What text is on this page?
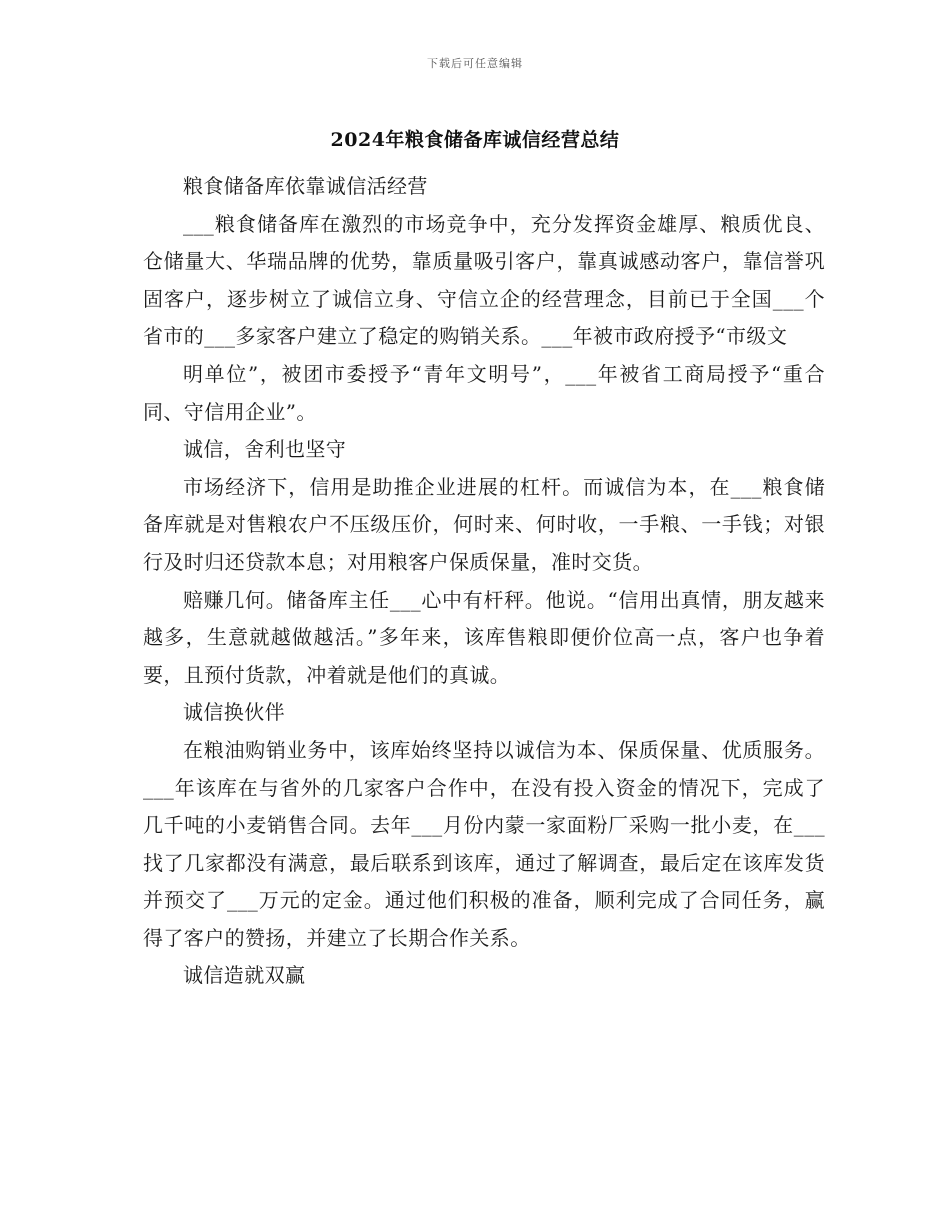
下载后可任意编辑
2024年粮食储备库诚信经营总结

粮食储备库依靠诚信活经营

___粮食储备库在激烈的市场竞争中，充分发挥资金雄厚、粮质优良、仓储量大、华瑞品牌的优势，靠质量吸引客户，靠真诚感动客户，靠信誉巩固客户，逐步树立了诚信立身、守信立企的经营理念，目前已于全国___个省市的___多家客户建立了稳定的购销关系。___年被市政府授予“市级文

明单位”，被团市委授予“青年文明号”，___年被省工商局授予“重合同、守信用企业”。

诚信，舍利也坚守

市场经济下，信用是助推企业进展的杠杆。而诚信为本，在___粮食储备库就是对售粮农户不压级压价，何时来、何时收，一手粮、一手钱；对银行及时归还贷款本息；对用粮客户保质保量，准时交货。

赔赚几何。储备库主任___心中有杆秤。他说。“信用出真情，朋友越来越多，生意就越做越活。”多年来，该库售粮即便价位高一点，客户也争着要，且预付货款，冲着就是他们的真诚。

诚信换伙伴

在粮油购销业务中，该库始终坚持以诚信为本、保质保量、优质服务。___年该库在与省外的几家客户合作中，在没有投入资金的情况下，完成了几千吨的小麦销售合同。去年___月份内蒙一家面粉厂采购一批小麦，在___找了几家都没有满意，最后联系到该库，通过了解调查，最后定在该库发货并预交了___万元的定金。通过他们积极的准备，顺利完成了合同任务，赢得了客户的赞扬，并建立了长期合作关系。

诚信造就双赢
